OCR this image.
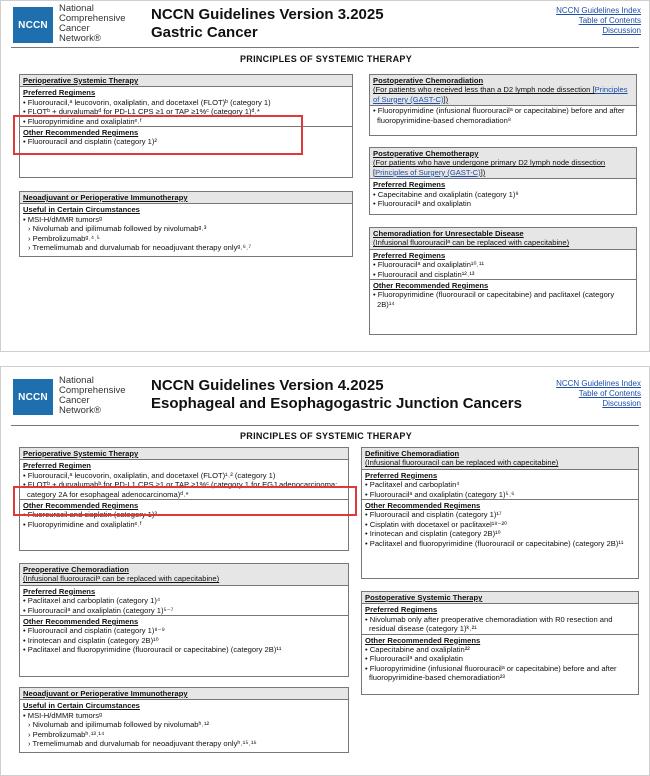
NCCN
National
Comprehensive
Cancer
Network®
NCCN Guidelines Version 3.2025
Gastric Cancer
NCCN Guidelines Index
Table of Contents
Discussion
PRINCIPLES OF SYSTEMIC THERAPY
Perioperative Systemic Therapy
Preferred Regimens
• Fluorouracil,ᵃ leucovorin, oxaliplatin, and docetaxel (FLOT)ᵇ (category 1)
• FLOTᵇ + durvalumabᵈ for PD-L1 CPS ≥1 or TAP ≥1%ᶜ (category 1)ᵈ˒*
• Fluoropyrimidine and oxaliplatinᵉ˒ᶠ
Other Recommended Regimens
• Fluorouracil and cisplatin (category 1)²
Neoadjuvant or Perioperative Immunotherapy
Useful in Certain Circumstances
• MSI-H/dMMR tumorsᵍ
› Nivolumab and ipilimumab followed by nivolumabᵍ˒³
› Pembrolizumabᵍ˒⁴˒⁵
› Tremelimumab and durvalumab for neoadjuvant therapy onlyᵍ˒⁶˒⁷
Postoperative Chemoradiation
(For patients who received less than a D2 lymph node dissection [Principles of Surgery (GAST-C)])
• Fluoropyrimidine (infusional fluorouracilᵃ or capecitabine) before and after fluoropyrimidine-based chemoradiation⁸
Postoperative Chemotherapy
(For patients who have undergone primary D2 lymph node dissection [Principles of Surgery (GAST-C)])
Preferred Regimens
• Capecitabine and oxaliplatin (category 1)⁹
• Fluorouracilᵃ and oxaliplatin
Chemoradiation for Unresectable Disease
(Infusional fluorouracilᵃ can be replaced with capecitabine)
Preferred Regimens
• Fluorouracilᵃ and oxaliplatin¹⁰˒¹¹
• Fluorouracil and cisplatin¹²˒¹³
Other Recommended Regimens
• Fluoropyrimidine (fluorouracil or capecitabine) and paclitaxel (category 2B)¹⁴
NCCN
National
Comprehensive
Cancer
Network®
NCCN Guidelines Version 4.2025
Esophageal and Esophagogastric Junction Cancers
NCCN Guidelines Index
Table of Contents
Discussion
PRINCIPLES OF SYSTEMIC THERAPY
Perioperative Systemic Therapy
Preferred Regimen
• Fluorouracil,ᵃ leucovorin, oxaliplatin, and docetaxel (FLOT)¹˒² (category 1)
• FLOTᵇ + durvalumabᵇ for PD-L1 CPS ≥1 or TAP ≥1%ᶜ (category 1 for EGJ adenocarcinoma; category 2A for esophageal adenocarcinoma)ᵈ˒*
Other Recommended Regimens
• Fluorouracil and cisplatin (category 1)³
• Fluoropyrimidine and oxaliplatinᵉ˒ᶠ
Preoperative Chemoradiation
(Infusional fluorouracilᵃ can be replaced with capecitabine)
Preferred Regimens
• Paclitaxel and carboplatin (category 1)⁴
• Fluorouracilᵃ and oxaliplatin (category 1)⁵⁻⁷
Other Recommended Regimens
• Fluorouracil and cisplatin (category 1)⁸⁻⁹
• Irinotecan and cisplatin (category 2B)¹⁰
• Paclitaxel and fluoropyrimidine (fluorouracil or capecitabine) (category 2B)¹¹
Neoadjuvant or Perioperative Immunotherapy
Useful in Certain Circumstances
• MSI-H/dMMR tumorsᵍ
› Nivolumab and ipilimumab followed by nivolumabʰ˒¹²
› Pembrolizumabʰ˒¹³˒¹⁴
› Tremelimumab and durvalumab for neoadjuvant therapy onlyʰ˒¹⁵˒¹⁶
Definitive Chemoradiation
(Infusional fluorouracil can be replaced with capecitabine)
Preferred Regimens
• Paclitaxel and carboplatin⁴
• Fluorouracilᵃ and oxaliplatin (category 1)⁵˒⁶
Other Recommended Regimens
• Fluorouracil and cisplatin (category 1)¹⁷
• Cisplatin with docetaxel or paclitaxel¹⁸⁻²⁰
• Irinotecan and cisplatin (category 2B)¹⁰
• Paclitaxel and fluoropyrimidine (fluorouracil or capecitabine) (category 2B)¹¹
Postoperative Systemic Therapy
Preferred Regimens
• Nivolumab only after preoperative chemoradiation with R0 resection and residual disease (category 1)ᵏ˒²¹
Other Recommended Regimens
• Capecitabine and oxaliplatin²²
• Fluorouracilᵃ and oxaliplatin
• Fluoropyrimidine (infusional fluorouracilᵃ or capecitabine) before and after fluoropyrimidine-based chemoradiation²³
